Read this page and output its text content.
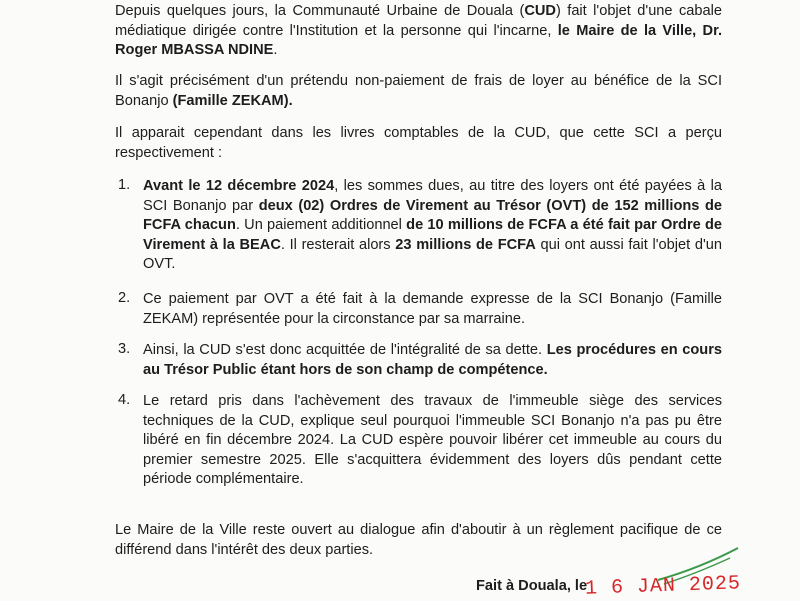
Depuis quelques jours, la Communauté Urbaine de Douala (CUD) fait l'objet d'une cabale médiatique dirigée contre l'Institution et la personne qui l'incarne, le Maire de la Ville, Dr. Roger MBASSA NDINE.

Il s'agit précisément d'un prétendu non-paiement de frais de loyer au bénéfice de la SCI Bonanjo (Famille ZEKAM).

Il apparait cependant dans les livres comptables de la CUD, que cette SCI a perçu respectivement :

1. Avant le 12 décembre 2024, les sommes dues, au titre des loyers ont été payées à la SCI Bonanjo par deux (02) Ordres de Virement au Trésor (OVT) de 152 millions de FCFA chacun. Un paiement additionnel de 10 millions de FCFA a été fait par Ordre de Virement à la BEAC. Il resterait alors 23 millions de FCFA qui ont aussi fait l'objet d'un OVT.

2. Ce paiement par OVT a été fait à la demande expresse de la SCI Bonanjo (Famille ZEKAM) représentée pour la circonstance par sa marraine.

3. Ainsi, la CUD s'est donc acquittée de l'intégralité de sa dette. Les procédures en cours au Trésor Public étant hors de son champ de compétence.

4. Le retard pris dans l'achèvement des travaux de l'immeuble siège des services techniques de la CUD, explique seul pourquoi l'immeuble SCI Bonanjo n'a pas pu être libéré en fin décembre 2024. La CUD espère pouvoir libérer cet immeuble au cours du premier semestre 2025. Elle s'acquittera évidemment des loyers dûs pendant cette période complémentaire.

Le Maire de la Ville reste ouvert au dialogue afin d'aboutir à un règlement pacifique de ce différend dans l'intérêt des deux parties.

Fait à Douala, le
1 6 JAN 2025
